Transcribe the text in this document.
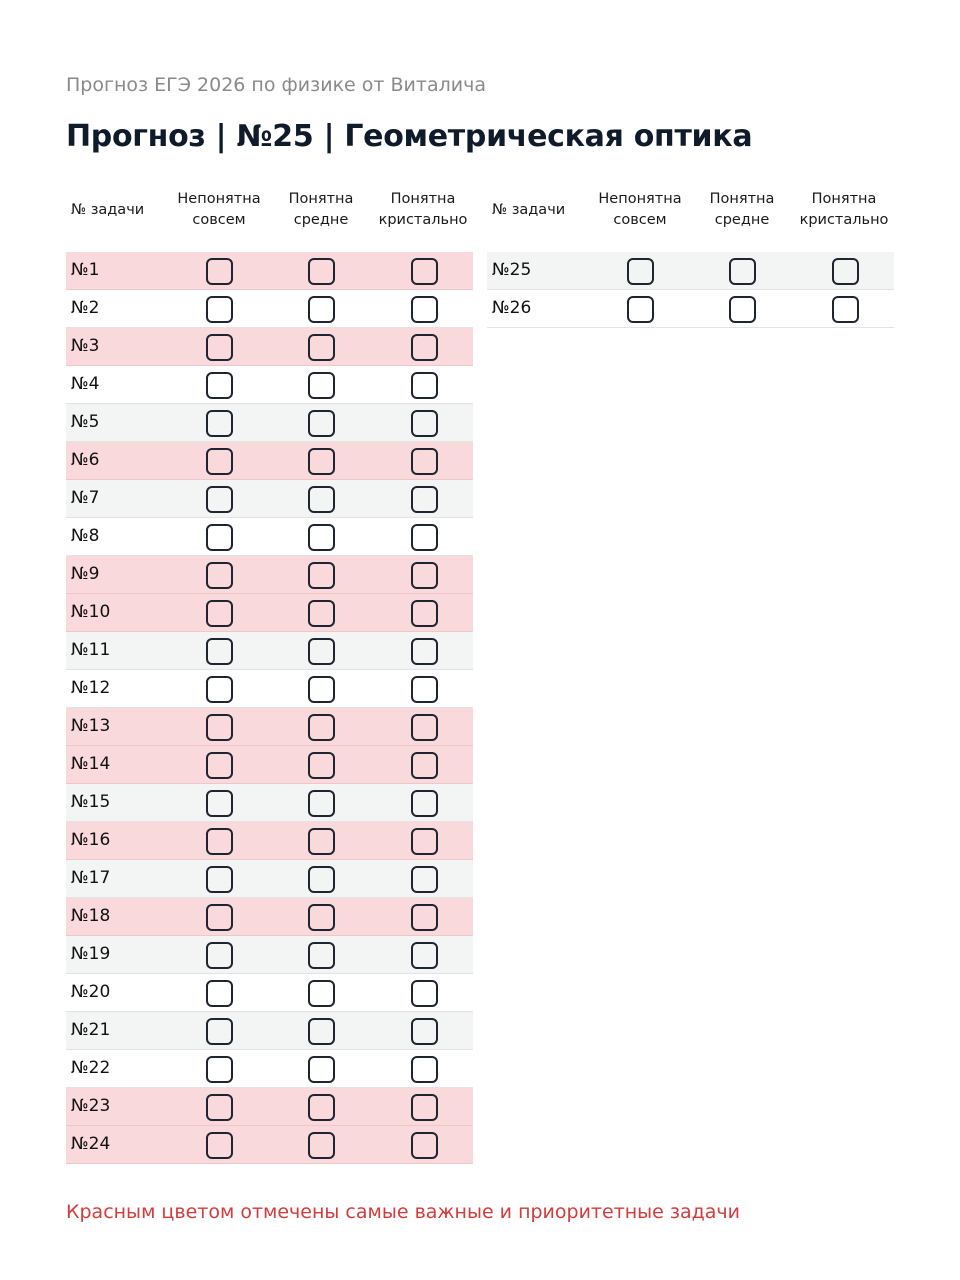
Прогноз ЕГЭ 2026 по физике от Виталича
Прогноз | №25 | Геометрическая оптика
№ задачи
Непонятна
совсем
Понятна
средне
Понятна
кристально
№1
№2
№3
№4
№5
№6
№7
№8
№9
№10
№11
№12
№13
№14
№15
№16
№17
№18
№19
№20
№21
№22
№23
№24
№ задачи
Непонятна
совсем
Понятна
средне
Понятна
кристально
№25
№26
Красным цветом отмечены самые важные и приоритетные задачи
